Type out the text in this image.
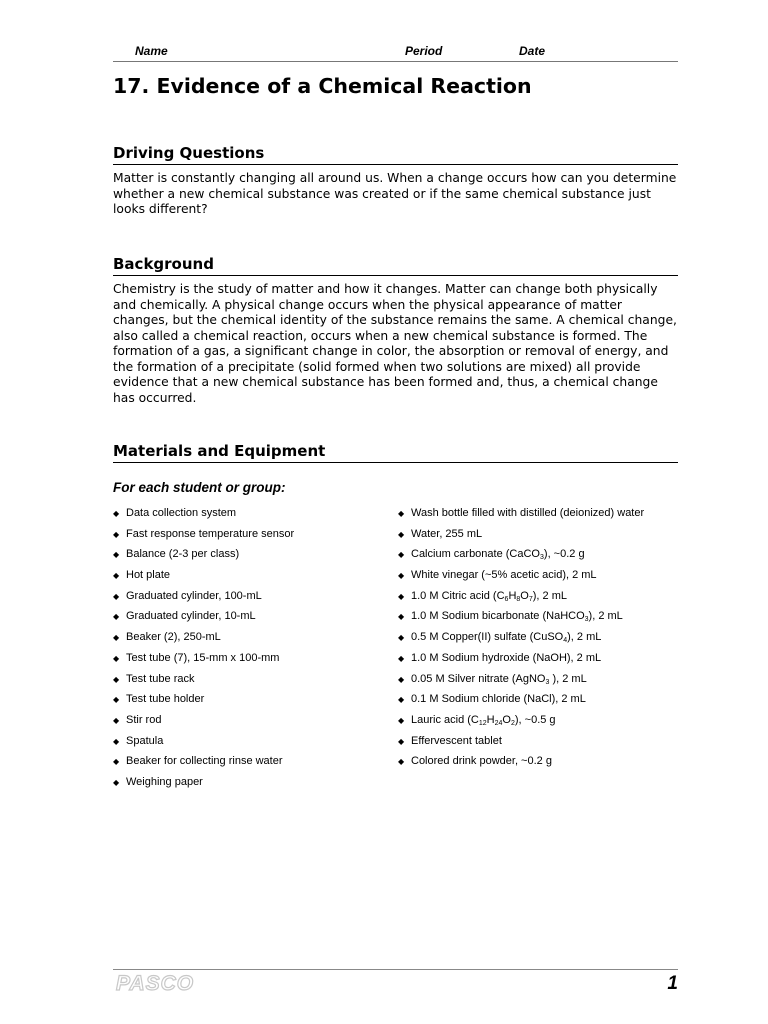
Name	Period	Date
17. Evidence of a Chemical Reaction
Driving Questions

Matter is constantly changing all around us. When a change occurs how can you determine whether a new chemical substance was created or if the same chemical substance just looks different?

Background

Chemistry is the study of matter and how it changes. Matter can change both physically and chemically. A physical change occurs when the physical appearance of matter changes, but the chemical identity of the substance remains the same. A chemical change, also called a chemical reaction, occurs when a new chemical substance is formed. The formation of a gas, a significant change in color, the absorption or removal of energy, and the formation of a precipitate (solid formed when two solutions are mixed) all provide evidence that a new chemical substance has been formed and, thus, a chemical change has occurred.

Materials and Equipment
For each student or group:
◆ Data collection system
◆ Fast response temperature sensor
◆ Balance (2-3 per class)
◆ Hot plate
◆ Graduated cylinder, 100-mL
◆ Graduated cylinder, 10-mL
◆ Beaker (2), 250-mL
◆ Test tube (7), 15-mm x 100-mm
◆ Test tube rack
◆ Test tube holder
◆ Stir rod
◆ Spatula
◆ Beaker for collecting rinse water
◆ Weighing paper
◆ Wash bottle filled with distilled (deionized) water
◆ Water, 255 mL
◆ Calcium carbonate (CaCO$_3$), ~0.2 g
◆ White vinegar (~5% acetic acid), 2 mL
◆ 1.0 M Citric acid $(C_6H_8O_7)$, 2 mL
◆ 1.0 M Sodium bicarbonate (NaHCO$_3$), 2 mL
◆ 0.5 M Copper(II) sulfate (CuSO$_4$), 2 mL
◆ 1.0 M Sodium hydroxide (NaOH), 2 mL
◆ 0.05 M Silver nitrate (AgNO$_3$ ), 2 mL
◆ 0.1 M Sodium chloride (NaCl), 2 mL
◆ Lauric acid $(C_{12}H_{24}O_2)$, ~0.5 g
◆ Effervescent tablet
◆ Colored drink powder, ~0.2 g
PASCO	1
